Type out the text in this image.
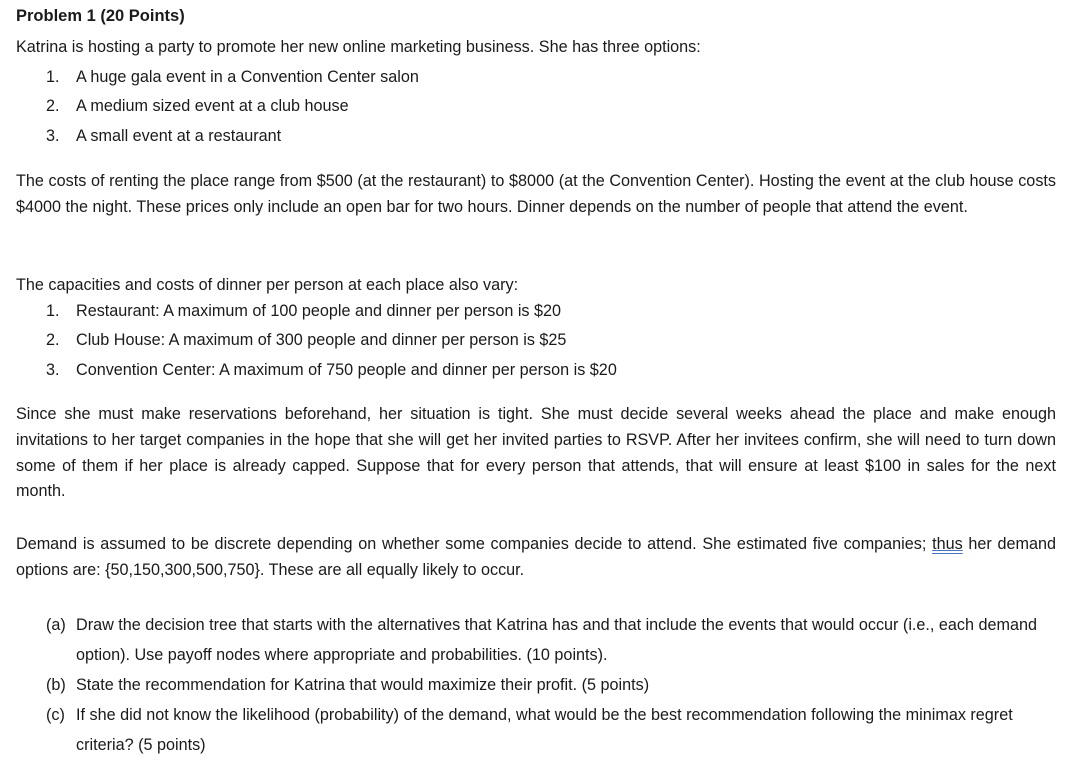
Problem 1 (20 Points)
Katrina is hosting a party to promote her new online marketing business. She has three options:
1. A huge gala event in a Convention Center salon
2. A medium sized event at a club house
3. A small event at a restaurant
The costs of renting the place range from $500 (at the restaurant) to $8000 (at the Convention Center). Hosting the event at the club house costs $4000 the night. These prices only include an open bar for two hours. Dinner depends on the number of people that attend the event.
The capacities and costs of dinner per person at each place also vary:
1. Restaurant: A maximum of 100 people and dinner per person is $20
2. Club House: A maximum of 300 people and dinner per person is $25
3. Convention Center: A maximum of 750 people and dinner per person is $20
Since she must make reservations beforehand, her situation is tight. She must decide several weeks ahead the place and make enough invitations to her target companies in the hope that she will get her invited parties to RSVP. After her invitees confirm, she will need to turn down some of them if her place is already capped. Suppose that for every person that attends, that will ensure at least $100 in sales for the next month.
Demand is assumed to be discrete depending on whether some companies decide to attend. She estimated five companies; thus her demand options are: {50,150,300,500,750}. These are all equally likely to occur.
(a) Draw the decision tree that starts with the alternatives that Katrina has and that include the events that would occur (i.e., each demand option). Use payoff nodes where appropriate and probabilities. (10 points).
(b) State the recommendation for Katrina that would maximize their profit. (5 points)
(c) If she did not know the likelihood (probability) of the demand, what would be the best recommendation following the minimax regret criteria? (5 points)
